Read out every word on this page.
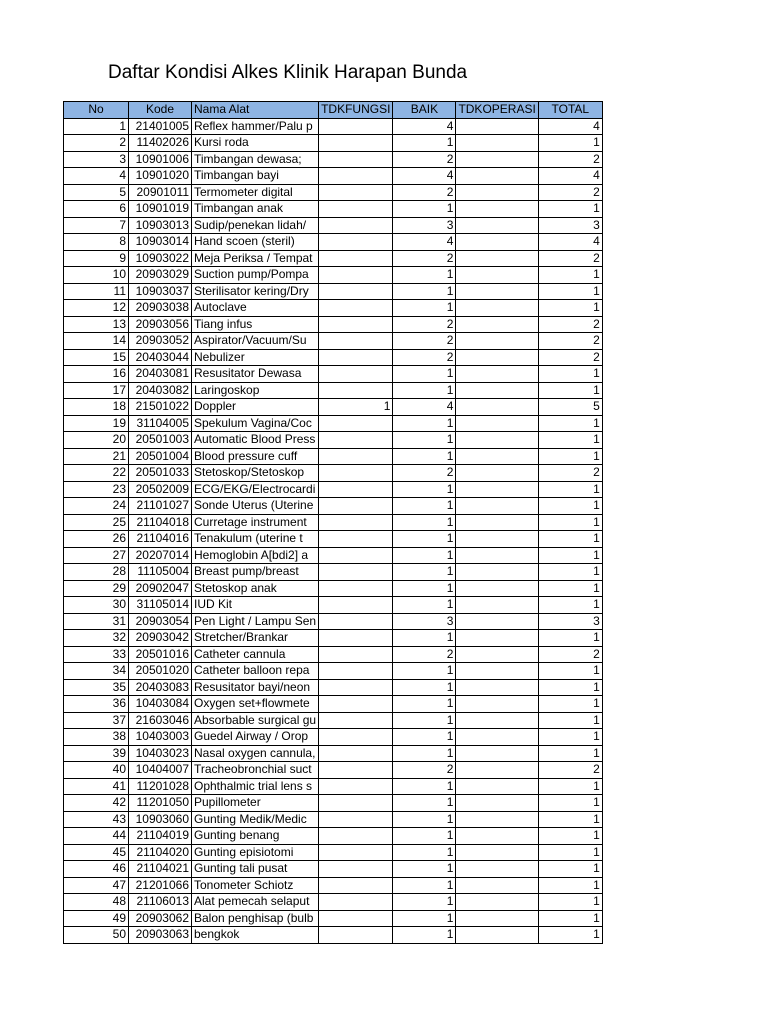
Daftar Kondisi Alkes Klinik Harapan Bunda
No	Kode	Nama Alat	TDKFUNGSI	BAIK	TDKOPERASI	TOTAL
1	21401005	Reflex hammer/Palu p		4		4
2	11402026	Kursi roda		1		1
3	10901006	Timbangan dewasa;		2		2
4	10901020	Timbangan bayi		4		4
5	20901011	Termometer digital		2		2
6	10901019	Timbangan anak		1		1
7	10903013	Sudip/penekan lidah/		3		3
8	10903014	Hand scoen (steril)		4		4
9	10903022	Meja Periksa / Tempat		2		2
10	20903029	Suction pump/Pompa		1		1
11	10903037	Sterilisator kering/Dry		1		1
12	20903038	Autoclave		1		1
13	20903056	Tiang infus		2		2
14	20903052	Aspirator/Vacuum/Su		2		2
15	20403044	Nebulizer		2		2
16	20403081	Resusitator Dewasa		1		1
17	20403082	Laringoskop		1		1
18	21501022	Doppler	1	4		5
19	31104005	Spekulum Vagina/Coc		1		1
20	20501003	Automatic Blood Press		1		1
21	20501004	Blood pressure cuff		1		1
22	20501033	Stetoskop/Stetoskop		2		2
23	20502009	ECG/EKG/Electrocardi		1		1
24	21101027	Sonde Uterus (Uterine		1		1
25	21104018	Curretage instrument		1		1
26	21104016	Tenakulum (uterine t		1		1
27	20207014	Hemoglobin A[bdi2] a		1		1
28	11105004	Breast pump/breast		1		1
29	20902047	Stetoskop anak		1		1
30	31105014	IUD Kit		1		1
31	20903054	Pen Light / Lampu Sen		3		3
32	20903042	Stretcher/Brankar		1		1
33	20501016	Catheter cannula		2		2
34	20501020	Catheter balloon repa		1		1
35	20403083	Resusitator bayi/neon		1		1
36	10403084	Oxygen set+flowmete		1		1
37	21603046	Absorbable surgical gu		1		1
38	10403003	Guedel Airway / Orop		1		1
39	10403023	Nasal oxygen cannula,		1		1
40	10404007	Tracheobronchial suct		2		2
41	11201028	Ophthalmic trial lens s		1		1
42	11201050	Pupillometer		1		1
43	10903060	Gunting Medik/Medic		1		1
44	21104019	Gunting benang		1		1
45	21104020	Gunting episiotomi		1		1
46	21104021	Gunting tali pusat		1		1
47	21201066	Tonometer Schiotz		1		1
48	21106013	Alat pemecah selaput		1		1
49	20903062	Balon penghisap (bulb		1		1
50	20903063	bengkok		1		1
